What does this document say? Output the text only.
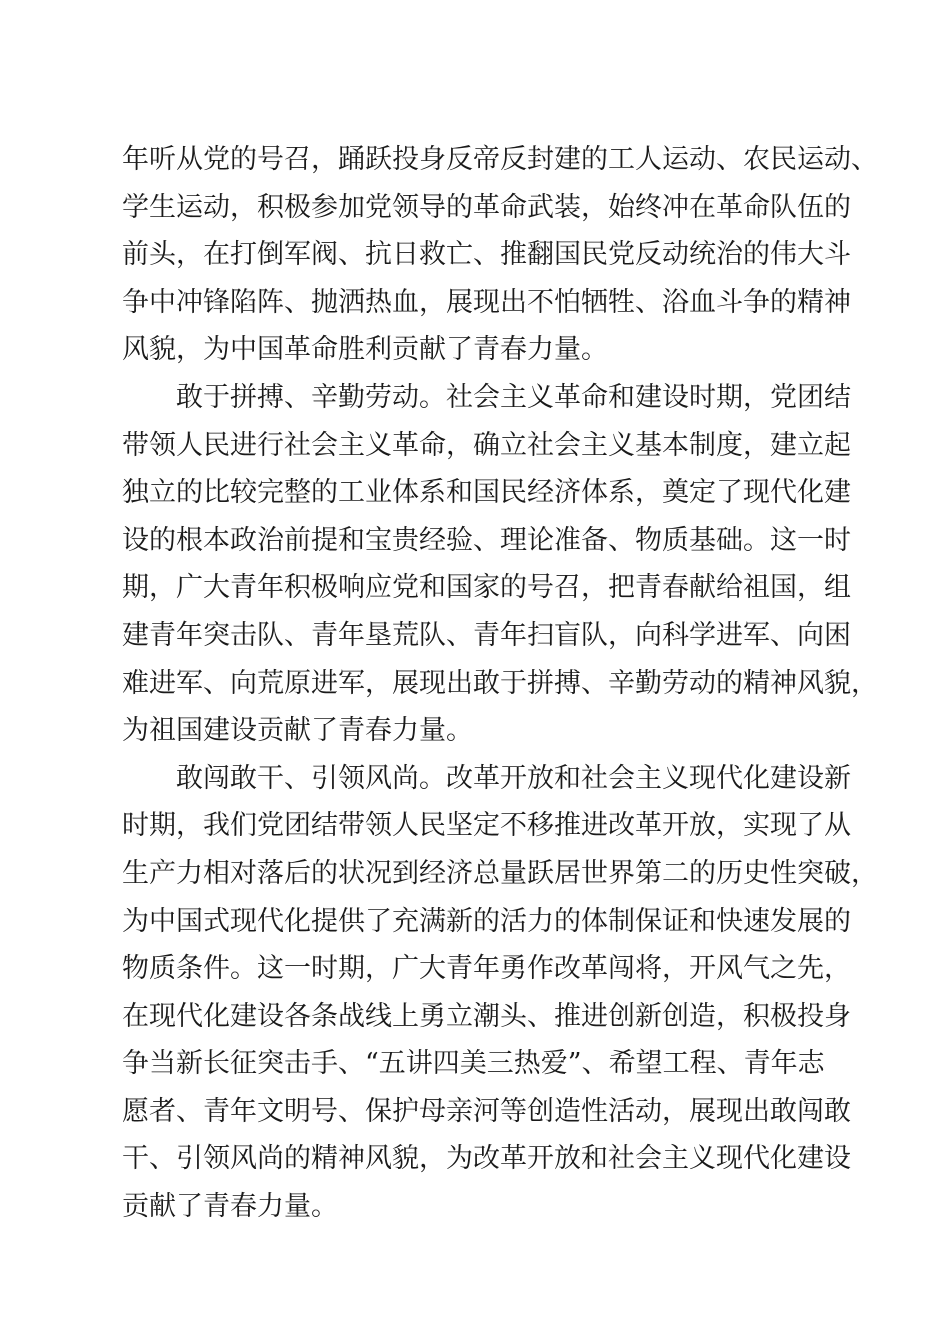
年听从党的号召，踊跃投身反帝反封建的工人运动、农民运动、
学生运动，积极参加党领导的革命武装，始终冲在革命队伍的
前头，在打倒军阀、抗日救亡、推翻国民党反动统治的伟大斗
争中冲锋陷阵、抛洒热血，展现出不怕牺牲、浴血斗争的精神
风貌，为中国革命胜利贡献了青春力量。
敢于拼搏、辛勤劳动。社会主义革命和建设时期，党团结
带领人民进行社会主义革命，确立社会主义基本制度，建立起
独立的比较完整的工业体系和国民经济体系，奠定了现代化建
设的根本政治前提和宝贵经验、理论准备、物质基础。这一时
期，广大青年积极响应党和国家的号召，把青春献给祖国，组
建青年突击队、青年垦荒队、青年扫盲队，向科学进军、向困
难进军、向荒原进军，展现出敢于拼搏、辛勤劳动的精神风貌，
为祖国建设贡献了青春力量。
敢闯敢干、引领风尚。改革开放和社会主义现代化建设新
时期，我们党团结带领人民坚定不移推进改革开放，实现了从
生产力相对落后的状况到经济总量跃居世界第二的历史性突破，
为中国式现代化提供了充满新的活力的体制保证和快速发展的
物质条件。这一时期，广大青年勇作改革闯将，开风气之先，
在现代化建设各条战线上勇立潮头、推进创新创造，积极投身
争当新长征突击手、“五讲四美三热爱”、希望工程、青年志
愿者、青年文明号、保护母亲河等创造性活动，展现出敢闯敢
干、引领风尚的精神风貌，为改革开放和社会主义现代化建设
贡献了青春力量。
